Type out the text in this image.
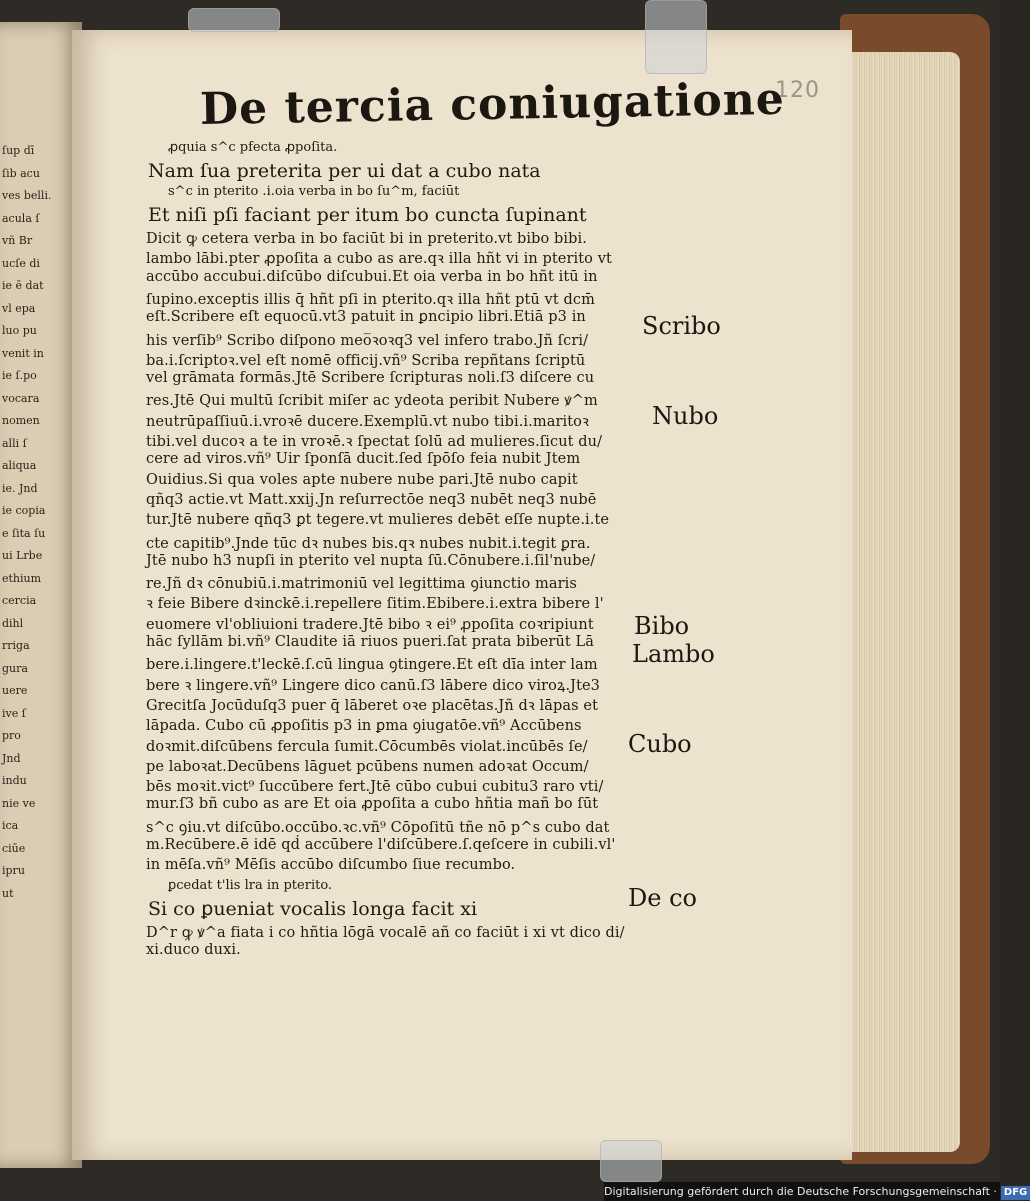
ſup dī
ſib acu
ves belli.
acula ſ
vñ Br
ucſe di
ie ē dat
vl epa
luo pu
venit in
ie ſ.po
vocara
nomen
alli ſ
aliqua
ie. Jnd
ie copia
e ſita ſu
ui Lrbe
ethium
cercia
dihl
rriga
gura
uere
ive ſ
pro
Jnd
indu
nie ve
ica
ciūe
ipru
ut
120
De tercia coniugatione
ꝓquia s^c pfecta ꝓpoſita.
Nam ſua preterita per ui dat a cubo nata
s^c in pterito .i.oia verba in bo ſu^m, faciūt
Et niſi pſi faciant per itum bo cuncta ſupinant
Dicit ꝙ cetera verba in bo faciūt bi in preterito.vt bibo bibi.
lambo lābi.pter ꝓpoſita a cubo as are.qꝛ illa hñt vi in pterito vt
accūbo accubui.diſcūbo diſcubui.Et oia verba in bo hñt itū in
ſupino.exceptis illis q̄ hñt pſi in pterito.qꝛ illa hñt ptū vt dcm̄
eſt.Scribere eſt equocū.vt3 patuit in ꝑncipio libri.Etiā p3 in
his verſib⁹ Scribo diſpono meo̅ꝛoꝛq3 vel infero trabo.Jñ ſcri/
ba.i.ſcriptoꝛ.vel eſt nomē officij.vñ⁹ Scriba repñtans ſcriptū
vel grāmata formās.Jtē Scribere ſcripturas noli.ſ3 diſcere cu
res.Jtē Qui multū ſcribit miſer ac ydeota peribit Nubere ꝟ^m
neutrūpaſſiuū.i.vroꝛē ducere.Exemplū.vt nubo tibi.i.maritoꝛ
tibi.vel ducoꝛ a te in vroꝛē.ꝛ ſpectat ſolū ad mulieres.ſicut du/
cere ad viros.vñ⁹ Uir ſponſā ducit.ſed ſpōſo feia nubit Jtem
Ouidius.Si qua voles apte nubere nube pari.Jtē nubo capit
qñq3 actie.vt Matt.xxij.Jn reſurrectōe neq3 nubēt neq3 nubē
tur.Jtē nubere qñq3 ꝑt tegere.vt mulieres debēt eſſe nupte.i.te
cte capitib⁹.Jnde tūc dꝛ nubes bis.qꝛ nubes nubit.i.tegit ꝑra.
Jtē nubo h3 nupſi in pterito vel nupta ſū.Cōnubere.i.ſil'nube/
re.Jñ dꝛ cōnubiū.i.matrimoniū vel legittima ꝯiunctio maris
ꝛ feie Bibere dꝛinckē.i.repellere ſitim.Ebibere.i.extra bibere l'
euomere vl'obliuioni tradere.Jtē bibo ꝛ ei⁹ ꝓpoſita coꝛripiunt
hāc ſyllām bi.vñ⁹ Claudite iā riuos pueri.ſat prata biberūt Lā
bere.i.lingere.t'leckē.ſ.cū lingua ꝯtingere.Et eſt dīa inter lam
bere ꝛ lingere.vñ⁹ Lingere dico canū.ſ3 lābere dico viroꝝ.Jte3
Grecitſa Jocūduſq3 puer q̄ lāberet oꝛe placētas.Jñ dꝛ lāpas et
lāpada. Cubo cū ꝓpoſitis p3 in ꝑma ꝯiugatōe.vñ⁹ Accūbens
doꝛmit.diſcūbens fercula ſumit.Cōcumbēs violat.incūbēs ſe/
pe laboꝛat.Decūbens lāguet pcūbens numen adoꝛat Occum/
bēs moꝛit.vict⁹ ſuccūbere fert.Jtē cūbo cubui cubitu3 raro vti/
mur.ſ3 bñ cubo as are Et oia ꝓpoſita a cubo hñtia mañ bo ſūt
s^c ꝯiu.vt diſcūbo.occūbo.ꝛc.vñ⁹ Cōpoſitū tñe nō p^s cubo dat
m.Recūbere.ē idē qḋ accūbere l'diſcūbere.ſ.qeſcere in cubili.vl'
in mēſa.vñ⁹ Mēſis accūbo diſcumbo ſiue recumbo.
ꝑcedat t'lis lra in pterito.
Si co ꝑueniat vocalis longa facit xi
D^r ꝙ ꝟ^a fiata i co hñtia lōgā vocalē añ co faciūt i xi vt dico di/
xi.duco duxi.
Scribo
Nubo
Bibo
Lambo
Cubo
De co
Digitalisierung gefördert durch die Deutsche Forschungsgemeinschaft · DFG
